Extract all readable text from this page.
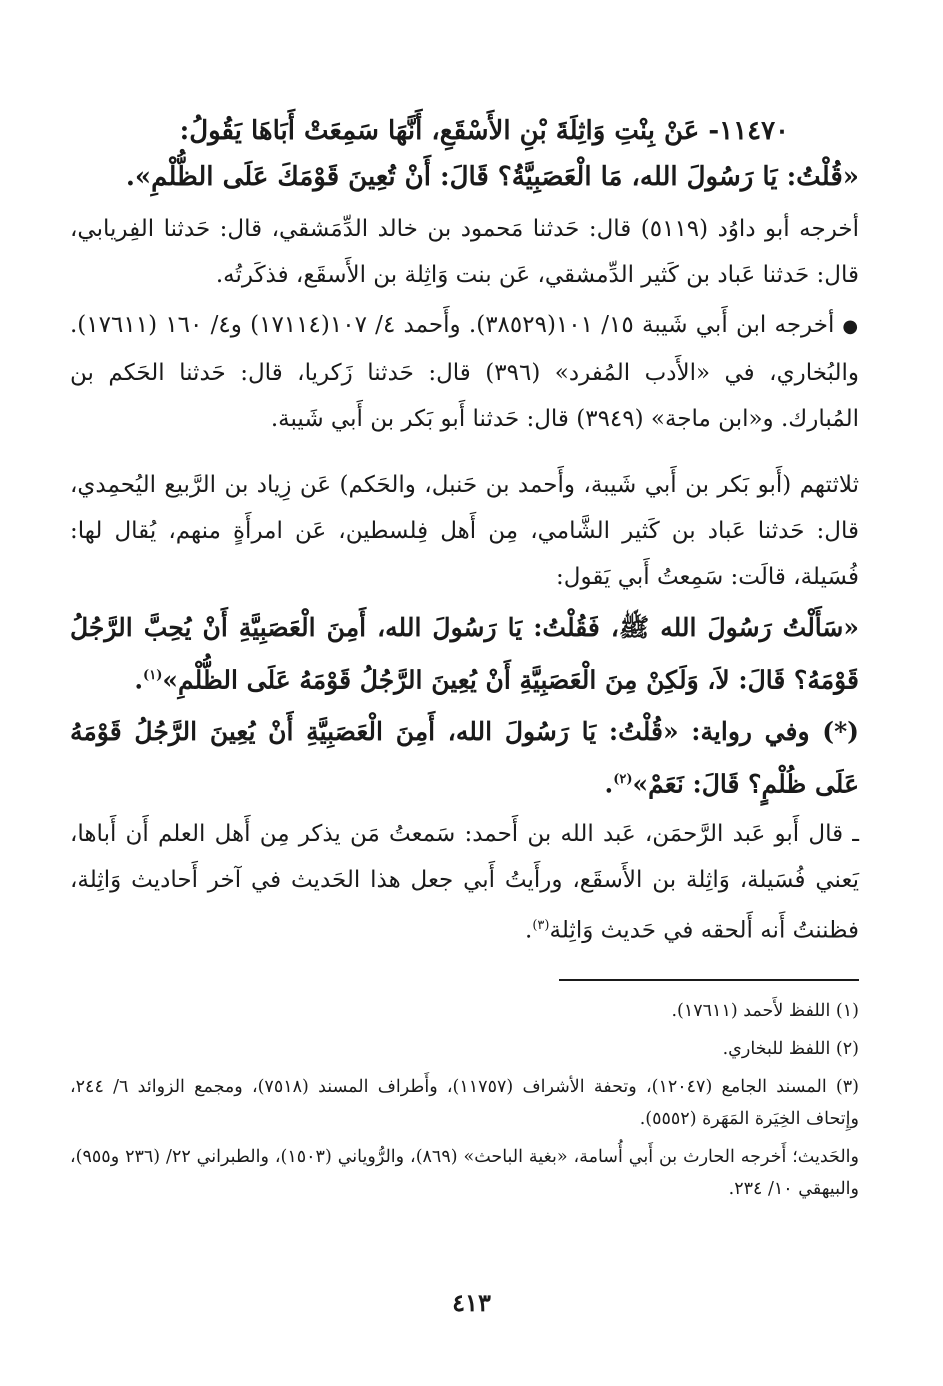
١١٤٧٠- عَنْ بِنْتِ وَاثِلَةَ بْنِ الأَسْقَعِ، أَنَّهَا سَمِعَتْ أَبَاهَا يَقُولُ:

«قُلْتُ: يَا رَسُولَ الله، مَا الْعَصَبِيَّةُ؟ قَالَ: أَنْ تُعِينَ قَوْمَكَ عَلَى الظُّلْمِ».

أخرجه أبو داوُد (٥١١٩) قال: حَدثنا مَحمود بن خالد الدِّمَشقي، قال: حَدثنا الفِريابي، قال: حَدثنا عَباد بن كَثير الدِّمشقي، عَن بنت وَاثِلة بن الأَسقَع، فذكَرتُه.

●أخرجه ابن أَبي شَيبة ١٥/ ١٠١(٣٨٥٢٩). وأَحمد ٤/ ١٠٧(١٧١١٤) و٤/ ١٦٠ (١٧٦١١). والبُخاري، في «الأَدب المُفرد» (٣٩٦) قال: حَدثنا زَكريا، قال: حَدثنا الحَكم بن المُبارك. و«ابن ماجة» (٣٩٤٩) قال: حَدثنا أَبو بَكر بن أَبي شَيبة.

ثلاثتهم (أَبو بَكر بن أَبي شَيبة، وأَحمد بن حَنبل، والحَكم) عَن زِياد بن الرَّبيع اليُحمِدي، قال: حَدثنا عَباد بن كَثير الشَّامي، مِن أَهل فِلسطين، عَن امرأَةٍ منهم، يُقال لها: فُسَيلة، قالَت: سَمِعتُ أَبي يَقول:

«سَأَلْتُ رَسُولَ الله ﷺ، فَقُلْتُ: يَا رَسُولَ الله، أَمِنَ الْعَصَبِيَّةِ أَنْ يُحِبَّ الرَّجُلُ قَوْمَهُ؟ قَالَ: لاَ، وَلَكِنْ مِنَ الْعَصَبِيَّةِ أَنْ يُعِينَ الرَّجُلُ قَوْمَهُ عَلَى الظُّلْمِ»$^{(١)}$.

(*) وفي رواية: «قُلْتُ: يَا رَسُولَ الله، أَمِنَ الْعَصَبِيَّةِ أَنْ يُعِينَ الرَّجُلُ قَوْمَهُ عَلَى ظُلْمٍ؟ قَالَ: نَعَمْ»$^{(٢)}$.

ـ قال أَبو عَبد الرَّحمَن، عَبد الله بن أَحمد: سَمعتُ مَن يذكر مِن أَهل العلم أَن أَباها، يَعني فُسَيلة، وَاثِلة بن الأَسقَع، ورأَيتُ أَبي جعل هذا الحَديث في آخر أَحاديث وَاثِلة، فظننتُ أَنه أَلحقه في حَديث وَاثِلة$^{(٣)}$.

(١) اللفظ لأَحمد (١٧٦١١).

(٢) اللفظ للبخاري.

(٣) المسند الجامع (١٢٠٤٧)، وتحفة الأشراف (١١٧٥٧)، وأَطراف المسند (٧٥١٨)، ومجمع الزوائد ٦/ ٢٤٤، وإِتحاف الخِيَرة المَهَرة (٥٥٥٢).

والحَديث؛ أَخرجه الحارث بن أَبي أُسامة، «بغية الباحث» (٨٦٩)، والرُّوياني (١٥٠٣)، والطبراني ٢٢/ (٢٣٦ و٩٥٥)، والبيهقي ١٠/ ٢٣٤.

٤١٣
